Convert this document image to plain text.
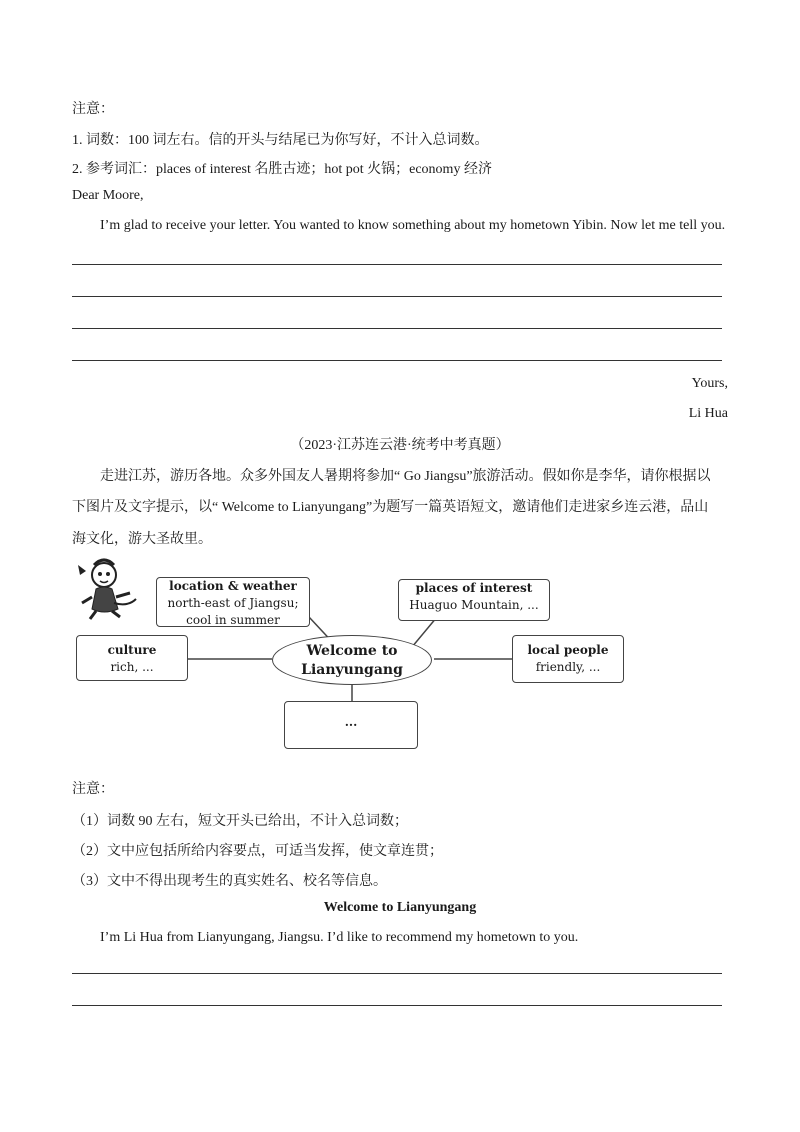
注意：
1. 词数：100 词左右。信的开头与结尾已为你写好，不计入总词数。
2. 参考词汇：places of interest 名胜古迹；hot pot 火锅；economy 经济
Dear Moore,
I’m glad to receive your letter. You wanted to know something about my hometown Yibin. Now let me tell you.
Yours,
Li Hua
（2023·江苏连云港·统考中考真题）
走进江苏，游历各地。众多外国友人暑期将参加“ Go Jiangsu”旅游活动。假如你是李华，请你根据以
下图片及文字提示，以“ Welcome to Lianyungang”为题写一篇英语短文，邀请他们走进家乡连云港，品山
海文化，游大圣故里。
location & weather
north-east of Jiangsu;
cool in summer
places of interest
Huaguo Mountain, ...
culture
rich, ...
Welcome to
Lianyungang
local people
friendly, ...
...
注意：
（1）词数 90 左右，短文开头已给出，不计入总词数；
（2）文中应包括所给内容要点，可适当发挥，使文章连贯；
（3）文中不得出现考生的真实姓名、校名等信息。
Welcome to Lianyungang
I’m Li Hua from Lianyungang, Jiangsu. I’d like to recommend my hometown to you.
